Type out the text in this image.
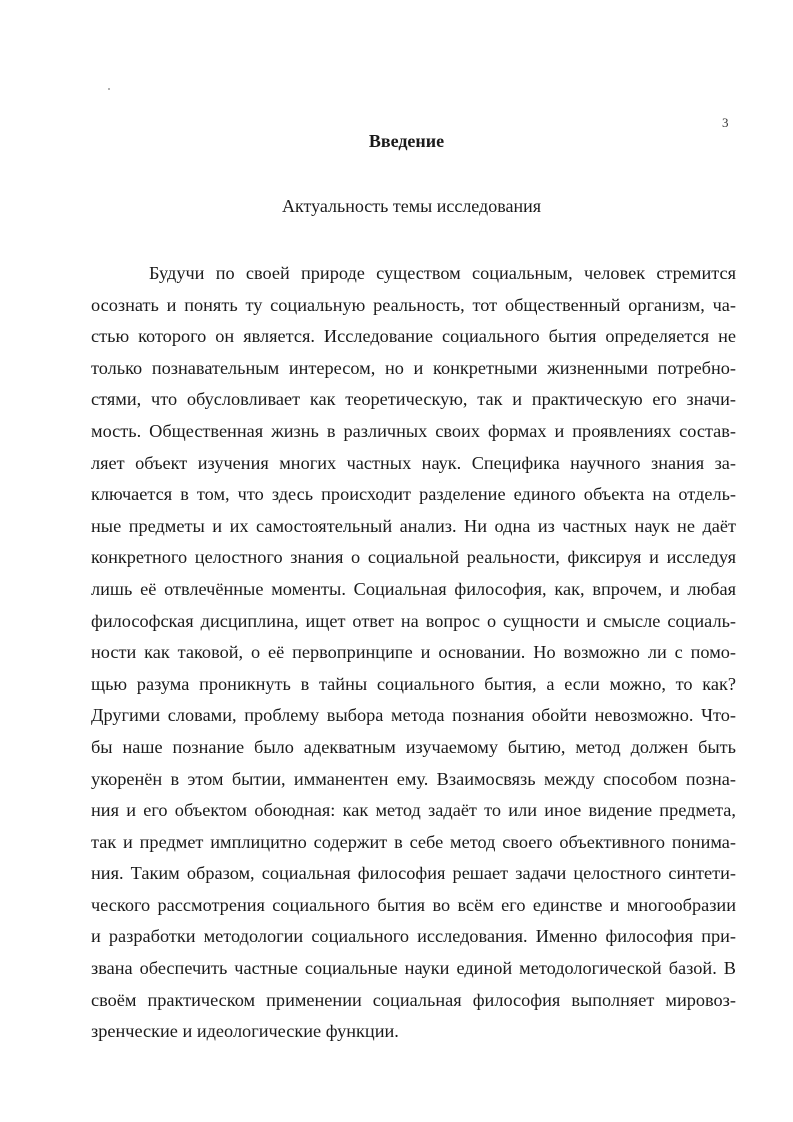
3
Введение
Актуальность темы исследования
Будучи по своей природе существом социальным, человек стремится
осознать и понять ту социальную реальность, тот общественный организм, ча-
стью которого он является. Исследование социального бытия определяется не
только познавательным интересом, но и конкретными жизненными потребно-
стями, что обусловливает как теоретическую, так и практическую его значи-
мость. Общественная жизнь в различных своих формах и проявлениях состав-
ляет объект изучения многих частных наук. Специфика научного знания за-
ключается в том, что здесь происходит разделение единого объекта на отдель-
ные предметы и их самостоятельный анализ. Ни одна из частных наук не даёт
конкретного целостного знания о социальной реальности, фиксируя и исследуя
лишь её отвлечённые моменты. Социальная философия, как, впрочем, и любая
философская дисциплина, ищет ответ на вопрос о сущности и смысле социаль-
ности как таковой, о её первопринципе и основании. Но возможно ли с помо-
щью разума проникнуть в тайны социального бытия, а если можно, то как?
Другими словами, проблему выбора метода познания обойти невозможно. Что-
бы наше познание было адекватным изучаемому бытию, метод должен быть
укоренён в этом бытии, имманентен ему. Взаимосвязь между способом позна-
ния и его объектом обоюдная: как метод задаёт то или иное видение предмета,
так и предмет имплицитно содержит в себе метод своего объективного понима-
ния. Таким образом, социальная философия решает задачи целостного синтети-
ческого рассмотрения социального бытия во всём его единстве и многообразии
и разработки методологии социального исследования. Именно философия при-
звана обеспечить частные социальные науки единой методологической базой. В
своём практическом применении социальная философия выполняет мировоз-
зренческие и идеологические функции.
